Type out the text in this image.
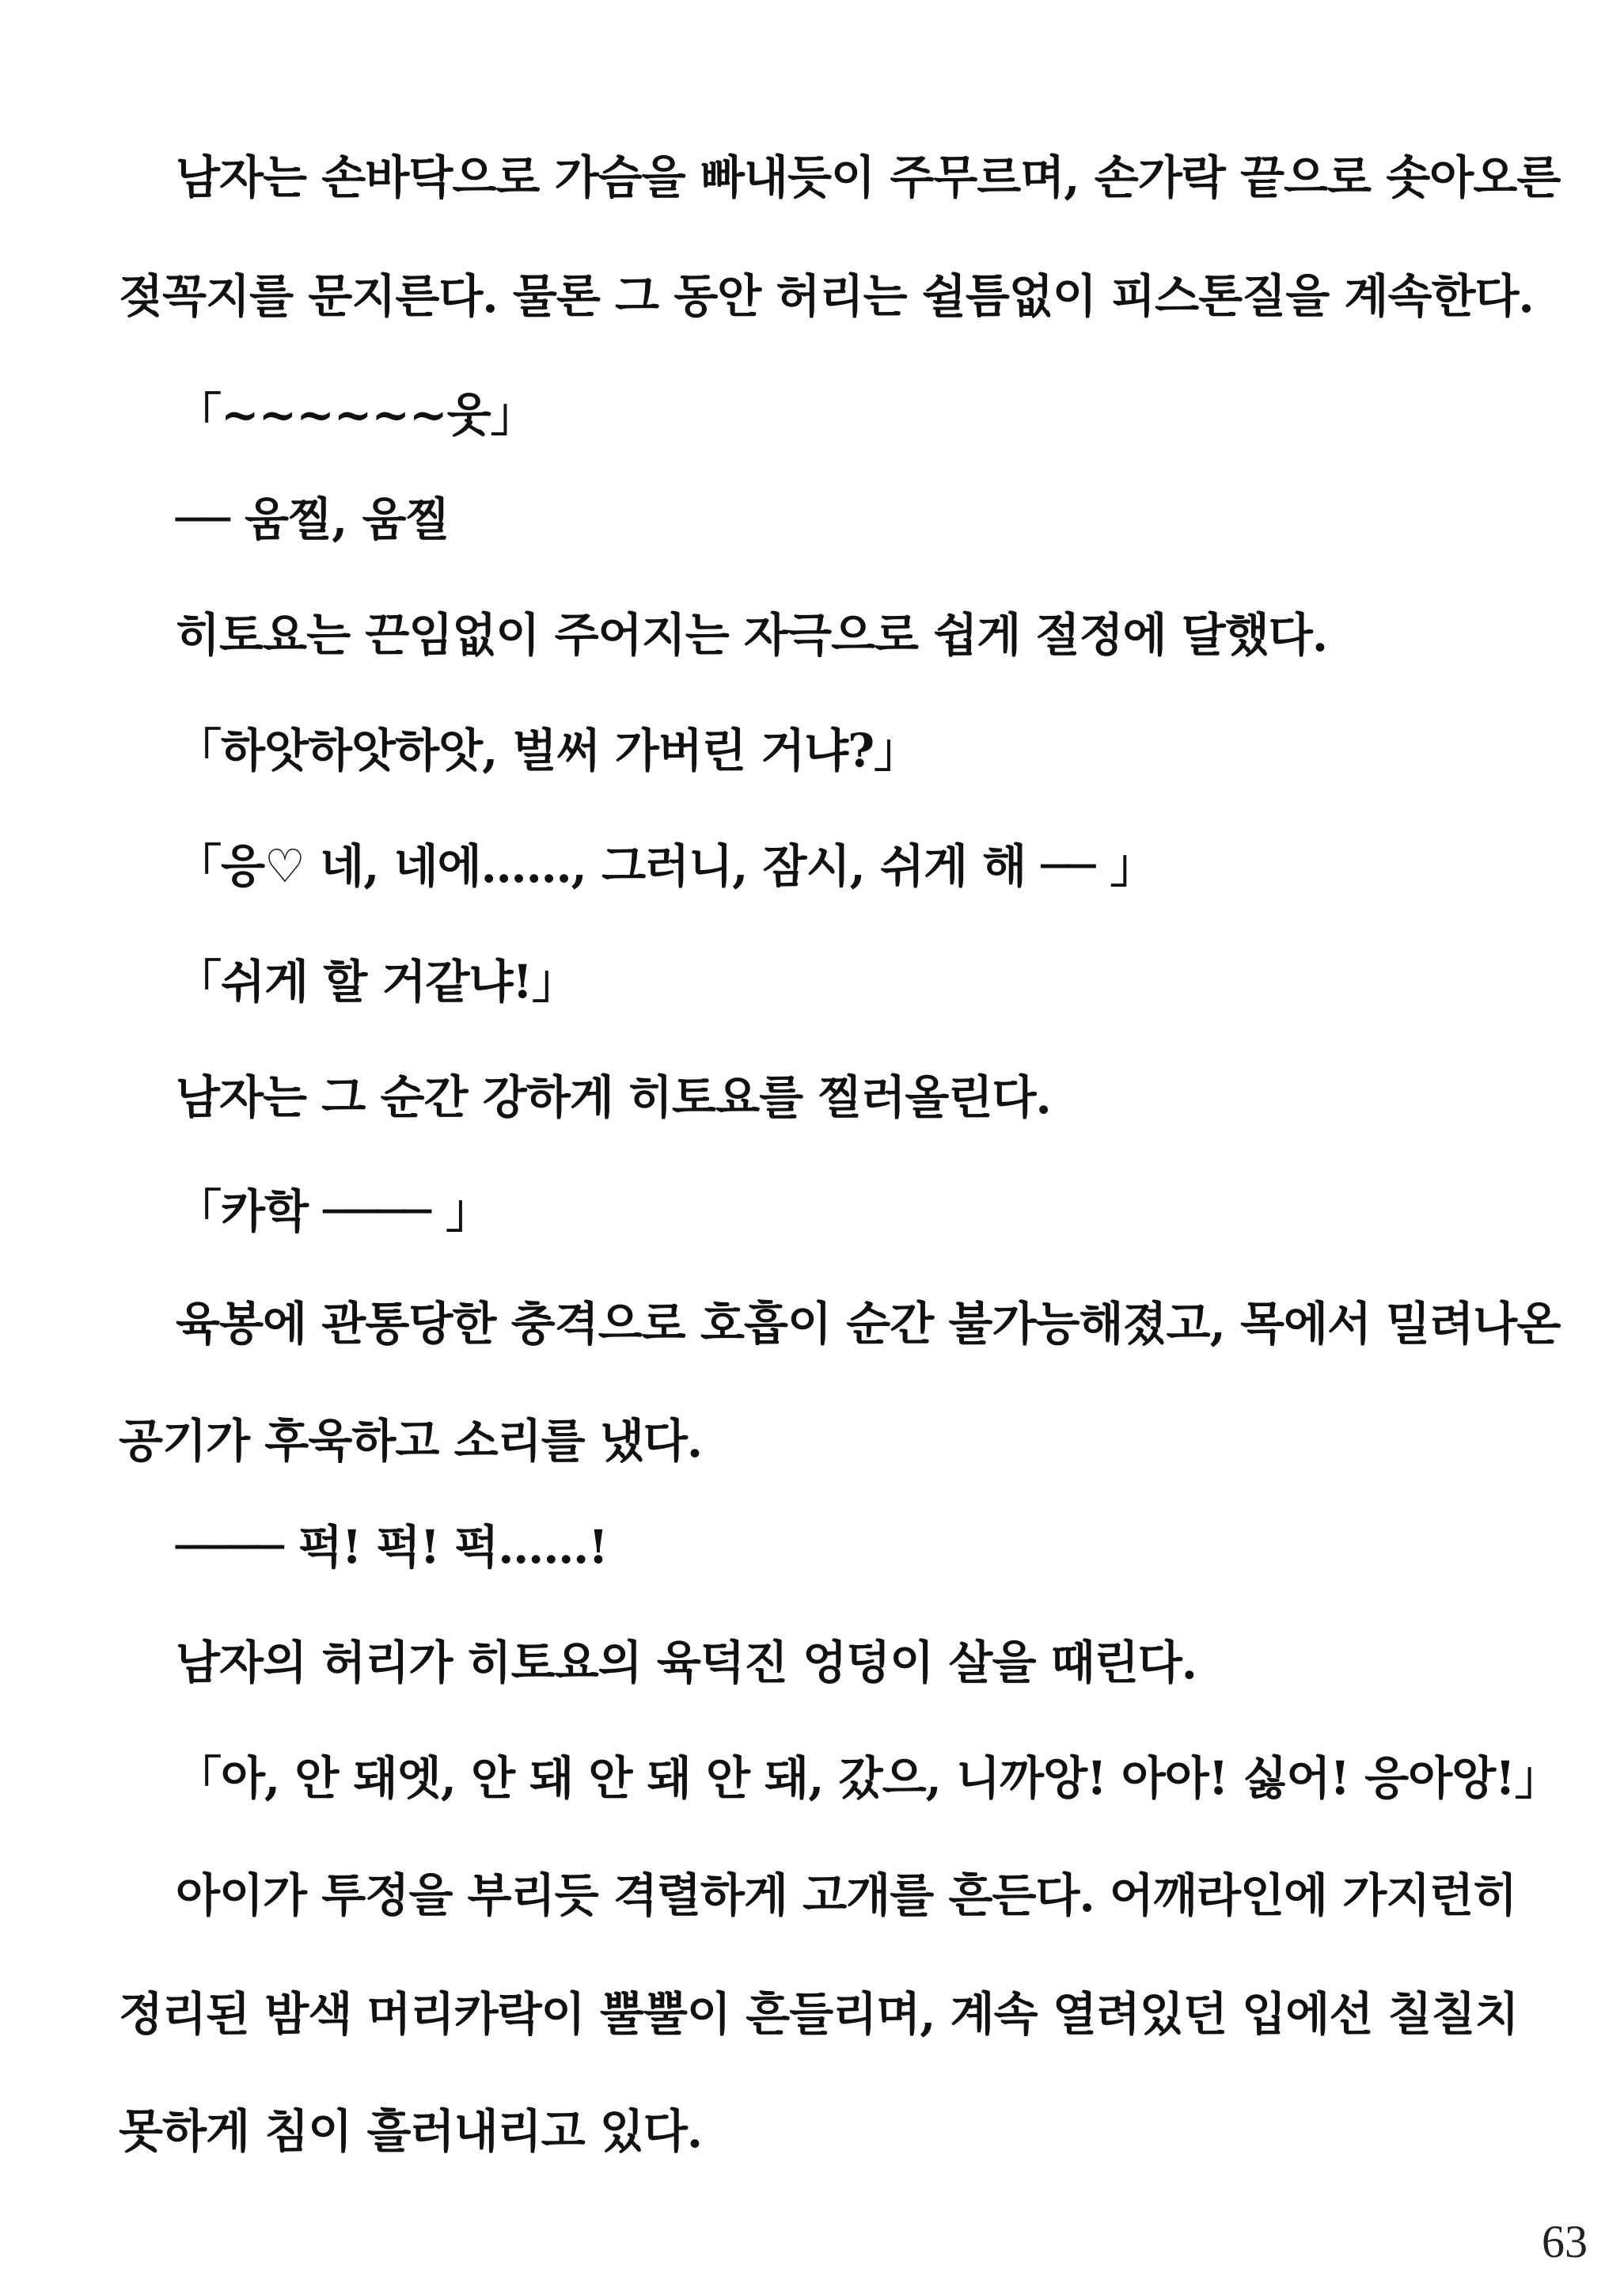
남자는 손바닥으로 가슴을 빠내듯이 주무르며, 손가락 끝으로 솟아오른
젖꼭지를 문지른다. 물론 그 동안 허리는 쉴틈없이 피스톤질을 계속한다.
「~~~~~~웃」
── 움찔, 움찔
히토요는 끈임없이 주어지는 자극으로 쉽게 절정에 달했다.
「하앗하앗하앗, 벌써 가버린 거냐?」
「응♡ 네, 네에……, 그러니, 잠시, 쉬게 해 ── 」
「쉬게 할 거같냐!」
남자는 그 순간 강하게 히토요를 찔러올린다.
「카학 ──── 」
육봉에 관통당한 충격으로 호흡이 순간 불가능해졌고, 목에서 밀려나온
공기가 후욱하고 소리를 냈다.
──── 퍽! 퍽! 퍽……!
남자의 허리가 히토요의 육덕진 엉덩이 살을 때린다.
「아, 안 돼엣, 안 돼 안 돼 안 돼, 갔으, 니까앙! 아아! 싫어! 응아앙!」
아이가 투정을 부리듯 격렬하게 고개를 흔든다. 어깨라인에 가지런히
정리된 밤색 머리카락이 뿔뿔이 흔들리며, 계속 열려있던 입에선 칠칠치
못하게 침이 흘러내리고 있다.
63
